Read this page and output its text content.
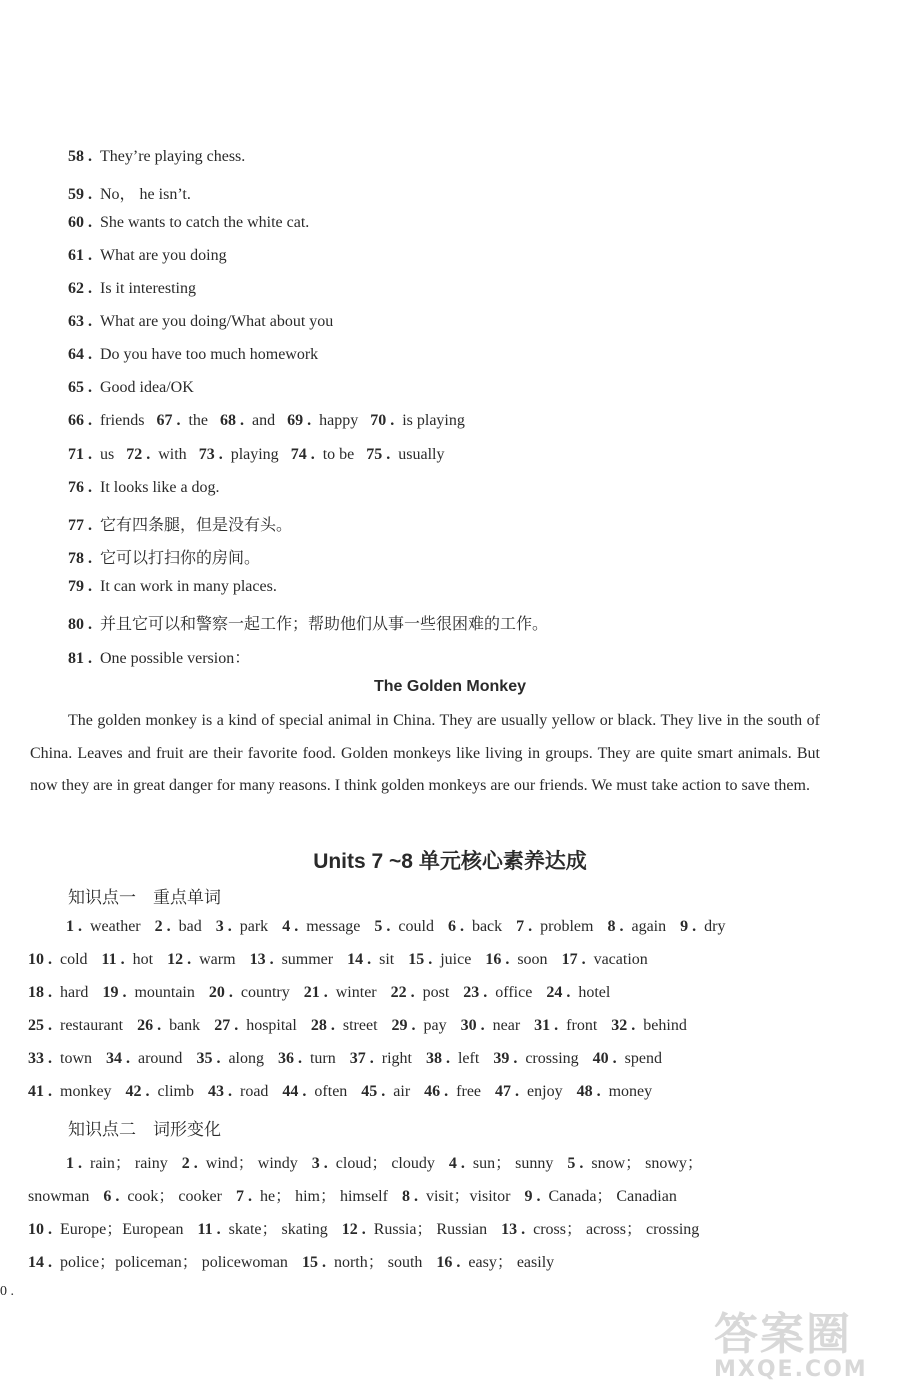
58 . They’re playing chess.
59 . No， he isn’t.
60 . She wants to catch the white cat.
61 . What are you doing
62 . Is it interesting
63 . What are you doing/What about you
64 . Do you have too much homework
65 . Good idea/OK
66 . friends 67 . the 68 . and 69 . happy 70 . is playing
71 . us 72 . with 73 . playing 74 . to be 75 . usually
76 . It looks like a dog.
77 . 它有四条腿，但是没有头。
78 . 它可以打扫你的房间。
79 . It can work in many places.
80 . 并且它可以和警察一起工作；帮助他们从事一些很困难的工作。
81 . One possible version：
The Golden Monkey
The golden monkey is a kind of special animal in China. They are usually yellow or black. They live in the south of China. Leaves and fruit are their favorite food. Golden monkeys like living in groups. They are quite smart animals. But now they are in great danger for many reasons. I think golden monkeys are our friends. We must take action to save them.
Units 7 ~8 单元核心素养达成
知识点一　重点单词
1 . weather 2 . bad 3 . park 4 . message 5 . could 6 . back 7 . problem 8 . again 9 . dry
10 . cold 11 . hot 12 . warm 13 . summer 14 . sit 15 . juice 16 . soon 17 . vacation
18 . hard 19 . mountain 20 . country 21 . winter 22 . post 23 . office 24 . hotel
25 . restaurant 26 . bank 27 . hospital 28 . street 29 . pay 30 . near 31 . front 32 . behind
33 . town 34 . around 35 . along 36 . turn 37 . right 38 . left 39 . crossing 40 . spend
41 . monkey 42 . climb 43 . road 44 . often 45 . air 46 . free 47 . enjoy 48 . money
知识点二　词形变化
1 . rain； rainy 2 . wind； windy 3 . cloud； cloudy 4 . sun； sunny 5 . snow； snowy；
snowman 6 . cook； cooker 7 . he； him； himself 8 . visit；visitor 9 . Canada； Canadian
10 . Europe；European 11 . skate； skating 12 . Russia； Russian 13 . cross； across； crossing
14 . police；policeman； policewoman 15 . north； south 16 . easy； easily
0 .
答案圈
MXQE.COM
